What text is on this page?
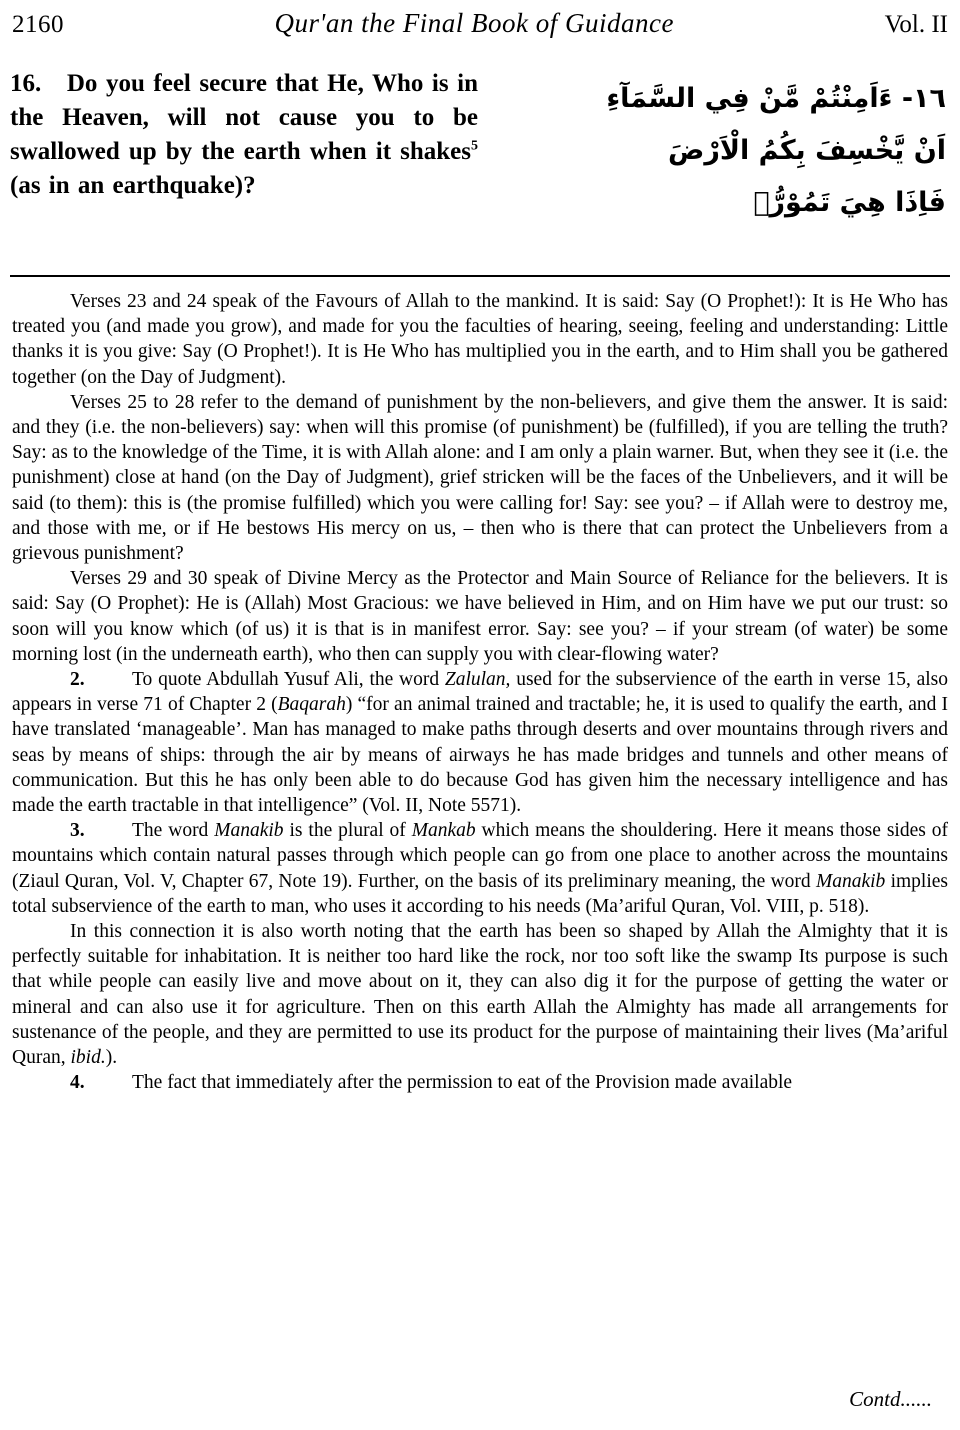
2160	Qur'an the Final Book of Guidance	Vol. II
16.   Do you feel secure that He, Who is in the Heaven, will not cause you to be swallowed up by the earth when it shakes$^5$ (as in an earthquake)?
١٦- ءَاَمِنْتُمْ مَّنْ فِي السَّمَآءِ
اَنْ يَّخْسِفَ بِكُمُ الْاَرْضَ
فَاِذَا هِيَ تَمُوْرُّٙ

Verses 23 and 24 speak of the Favours of Allah to the mankind. It is said: Say (O Prophet!): It is He Who has treated you (and made you grow), and made for you the faculties of hearing, seeing, feeling and understanding: Little thanks it is you give: Say (O Prophet!). It is He Who has multiplied you in the earth, and to Him shall you be gathered together (on the Day of Judgment).

Verses 25 to 28 refer to the demand of punishment by the non-believers, and give them the answer. It is said: and they (i.e. the non-believers) say: when will this promise (of punishment) be (fulfilled), if you are telling the truth? Say: as to the knowledge of the Time, it is with Allah alone: and I am only a plain warner. But, when they see it (i.e. the punishment) close at hand (on the Day of Judgment), grief stricken will be the faces of the Unbelievers, and it will be said (to them): this is (the promise fulfilled) which you were calling for! Say: see you? – if Allah were to destroy me, and those with me, or if He bestows His mercy on us, – then who is there that can protect the Unbelievers from a grievous punishment?

Verses 29 and 30 speak of Divine Mercy as the Protector and Main Source of Reliance for the believers. It is said: Say (O Prophet): He is (Allah) Most Gracious: we have believed in Him, and on Him have we put our trust: so soon will you know which (of us) it is that is in manifest error. Say: see you? – if your stream (of water) be some morning lost (in the underneath earth), who then can supply you with clear-flowing water?

2. To quote Abdullah Yusuf Ali, the word Zalulan, used for the subservience of the earth in verse 15, also appears in verse 71 of Chapter 2 (Baqarah) “for an animal trained and tractable; he, it is used to qualify the earth, and I have translated ‘manageable’. Man has managed to make paths through deserts and over mountains through rivers and seas by means of ships: through the air by means of airways he has made bridges and tunnels and other means of communication. But this he has only been able to do because God has given him the necessary intelligence and has made the earth tractable in that intelligence” (Vol. II, Note 5571).

3. The word Manakib is the plural of Mankab which means the shouldering. Here it means those sides of mountains which contain natural passes through which people can go from one place to another across the mountains (Ziaul Quran, Vol. V, Chapter 67, Note 19). Further, on the basis of its preliminary meaning, the word Manakib implies total subservience of the earth to man, who uses it according to his needs (Ma’ariful Quran, Vol. VIII, p. 518).

In this connection it is also worth noting that the earth has been so shaped by Allah the Almighty that it is perfectly suitable for inhabitation. It is neither too hard like the rock, nor too soft like the swamp Its purpose is such that while people can easily live and move about on it, they can also dig it for the purpose of getting the water or mineral and can also use it for agriculture. Then on this earth Allah the Almighty has made all arrangements for sustenance of the people, and they are permitted to use its product for the purpose of maintaining their lives (Ma’ariful Quran, ibid.).

4. The fact that immediately after the permission to eat of the Provision made available

Contd......
